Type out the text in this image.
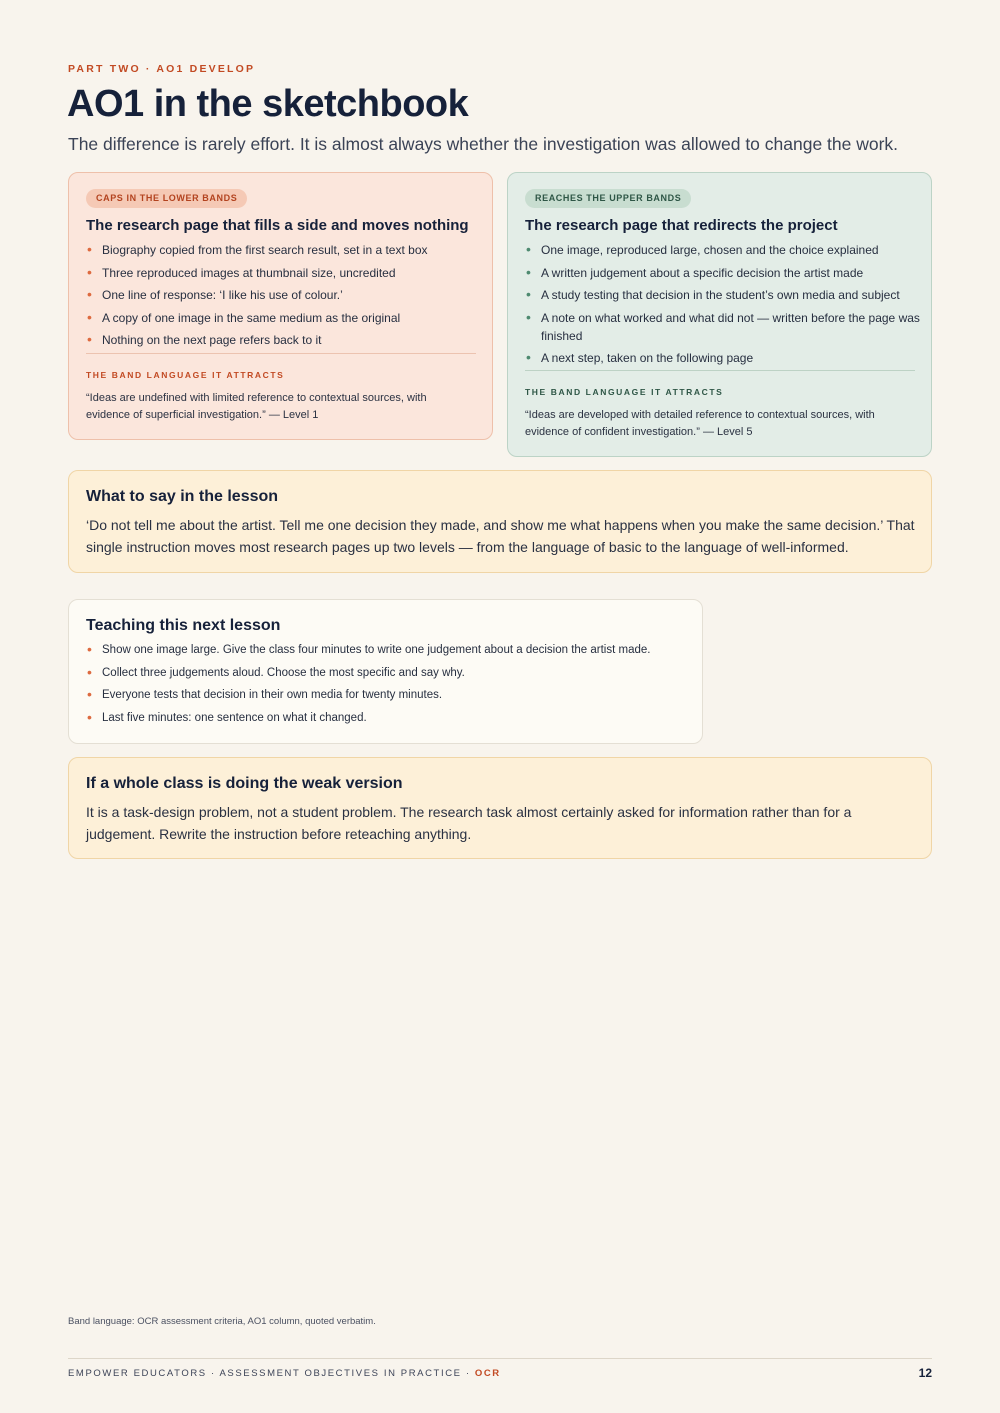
PART TWO · AO1 DEVELOP
AO1 in the sketchbook

The difference is rarely effort. It is almost always whether the investigation was allowed to change the work.

CAPS IN THE LOWER BANDS
The research page that fills a side and moves nothing
• Biography copied from the first search result, set in a text box
• Three reproduced images at thumbnail size, uncredited
• One line of response: ‘I like his use of colour.’
• A copy of one image in the same medium as the original
• Nothing on the next page refers back to it
THE BAND LANGUAGE IT ATTRACTS

“Ideas are undefined with limited reference to contextual sources, with evidence of superficial investigation.” — Level 1

REACHES THE UPPER BANDS
The research page that redirects the project
• One image, reproduced large, chosen and the choice explained
• A written judgement about a specific decision the artist made
• A study testing that decision in the student’s own media and subject
• A note on what worked and what did not — written before the page was finished
• A next step, taken on the following page
THE BAND LANGUAGE IT ATTRACTS

“Ideas are developed with detailed reference to contextual sources, with evidence of confident investigation.” — Level 5

What to say in the lesson

‘Do not tell me about the artist. Tell me one decision they made, and show me what happens when you make the same decision.’ That single instruction moves most research pages up two levels — from the language of basic to the language of well-informed.

Teaching this next lesson
• Show one image large. Give the class four minutes to write one judgement about a decision the artist made.
• Collect three judgements aloud. Choose the most specific and say why.
• Everyone tests that decision in their own media for twenty minutes.
• Last five minutes: one sentence on what it changed.
If a whole class is doing the weak version

It is a task-design problem, not a student problem. The research task almost certainly asked for information rather than for a judgement. Rewrite the instruction before reteaching anything.

Band language: OCR assessment criteria, AO1 column, quoted verbatim.

EMPOWER EDUCATORS · ASSESSMENT OBJECTIVES IN PRACTICE · OCR	12
